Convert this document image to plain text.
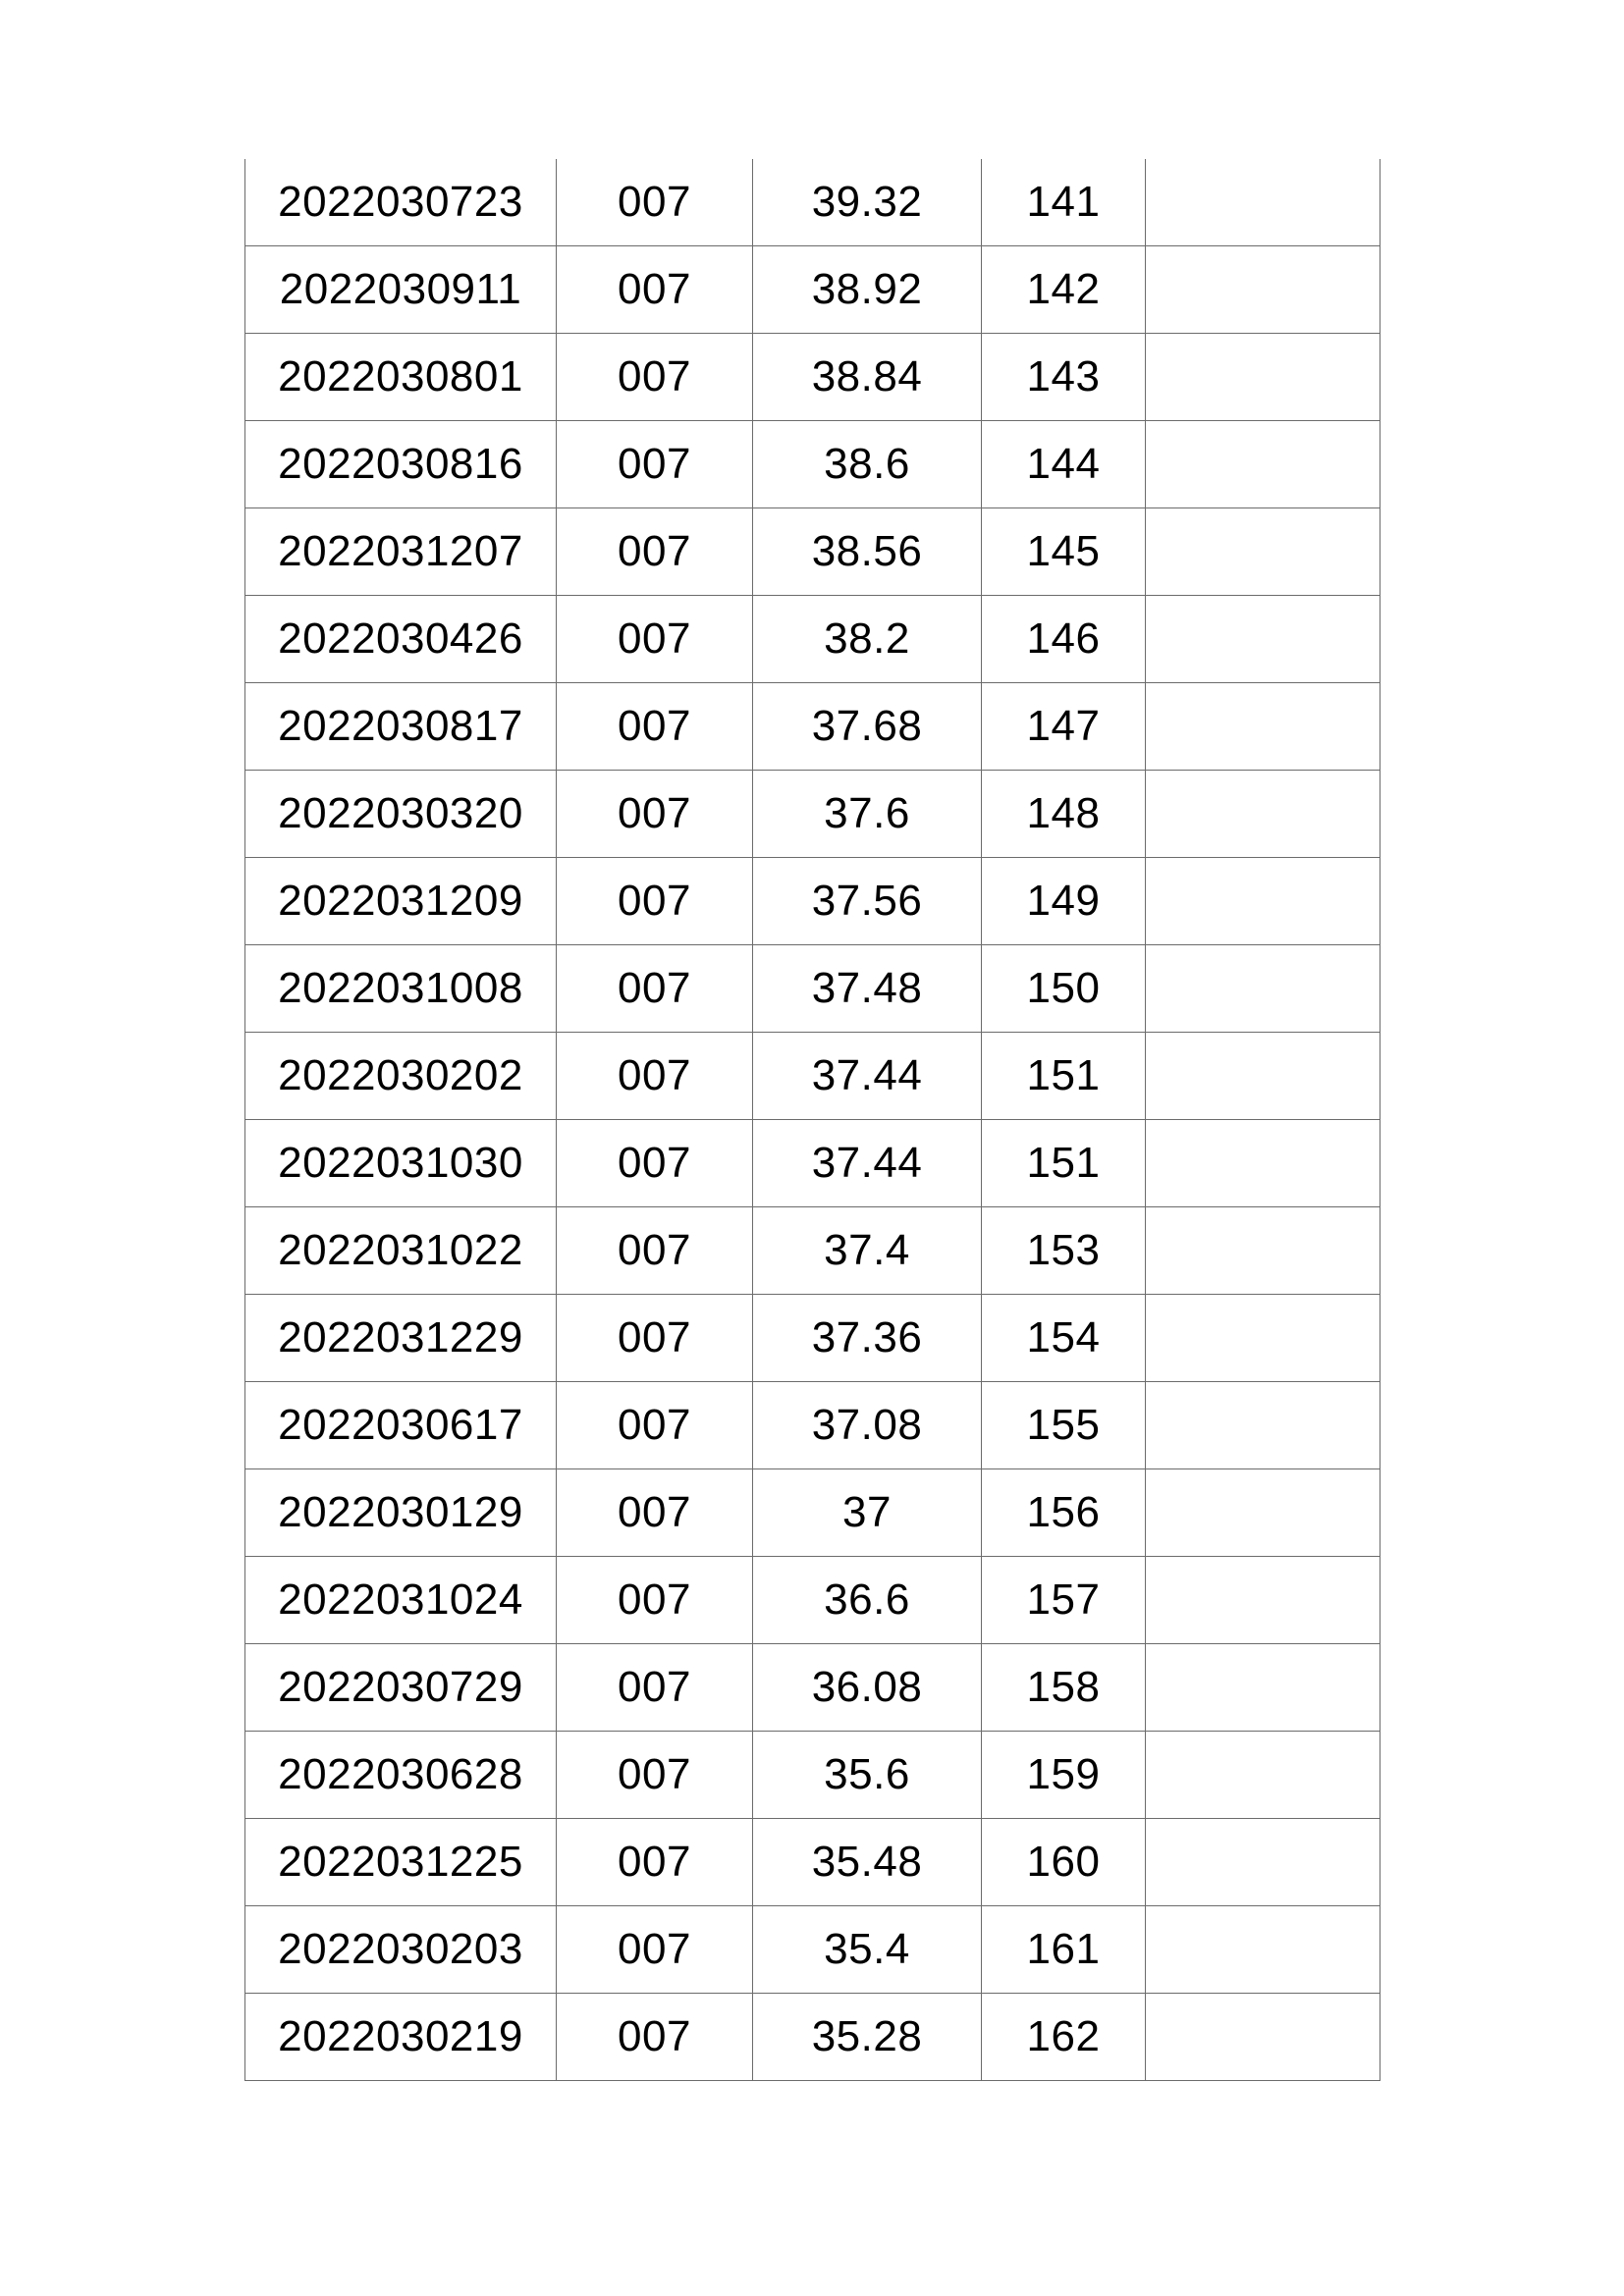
2022030723	007	39.32	141	
2022030911	007	38.92	142	
2022030801	007	38.84	143	
2022030816	007	38.6	144	
2022031207	007	38.56	145	
2022030426	007	38.2	146	
2022030817	007	37.68	147	
2022030320	007	37.6	148	
2022031209	007	37.56	149	
2022031008	007	37.48	150	
2022030202	007	37.44	151	
2022031030	007	37.44	151	
2022031022	007	37.4	153	
2022031229	007	37.36	154	
2022030617	007	37.08	155	
2022030129	007	37	156	
2022031024	007	36.6	157	
2022030729	007	36.08	158	
2022030628	007	35.6	159	
2022031225	007	35.48	160	
2022030203	007	35.4	161	
2022030219	007	35.28	162	
